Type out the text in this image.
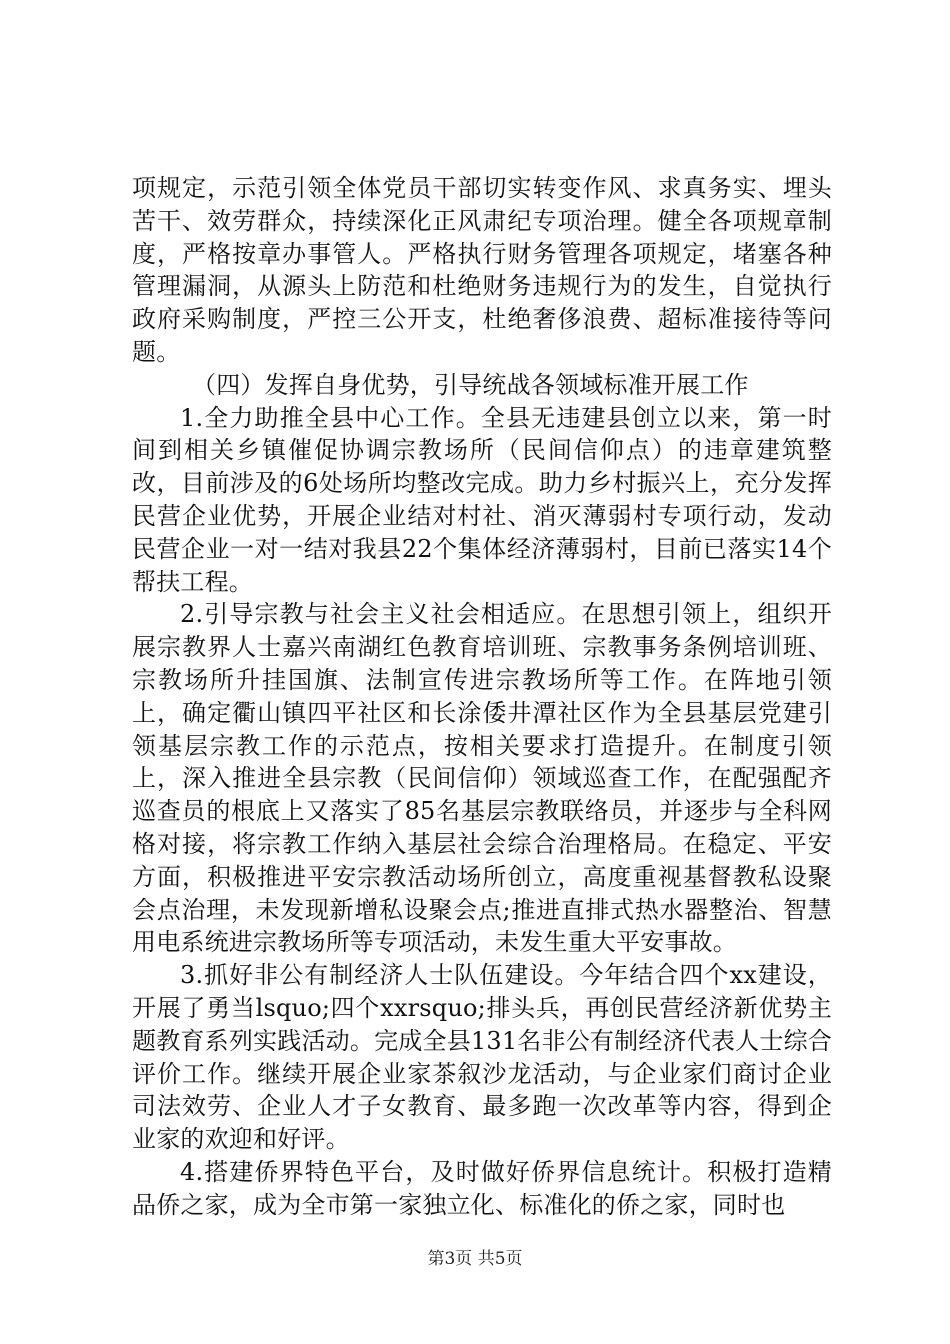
项规定，示范引领全体党员干部切实转变作风、求真务实、埋头苦干、效劳群众，持续深化正风肃纪专项治理。健全各项规章制度，严格按章办事管人。严格执行财务管理各项规定，堵塞各种管理漏洞，从源头上防范和杜绝财务违规行为的发生，自觉执行政府采购制度，严控三公开支，杜绝奢侈浪费、超标准接待等问题。

（四）发挥自身优势，引导统战各领域标准开展工作

1.全力助推全县中心工作。全县无违建县创立以来，第一时间到相关乡镇催促协调宗教场所（民间信仰点）的违章建筑整改，目前涉及的6处场所均整改完成。助力乡村振兴上，充分发挥民营企业优势，开展企业结对村社、消灭薄弱村专项行动，发动民营企业一对一结对我县22个集体经济薄弱村，目前已落实14个帮扶工程。

2.引导宗教与社会主义社会相适应。在思想引领上，组织开展宗教界人士嘉兴南湖红色教育培训班、宗教事务条例培训班、宗教场所升挂国旗、法制宣传进宗教场所等工作。在阵地引领上，确定衢山镇四平社区和长涂倭井潭社区作为全县基层党建引领基层宗教工作的示范点，按相关要求打造提升。在制度引领上，深入推进全县宗教（民间信仰）领域巡查工作，在配强配齐巡查员的根底上又落实了85名基层宗教联络员，并逐步与全科网格对接，将宗教工作纳入基层社会综合治理格局。在稳定、平安方面，积极推进平安宗教活动场所创立，高度重视基督教私设聚会点治理，未发现新增私设聚会点;推进直排式热水器整治、智慧用电系统进宗教场所等专项活动，未发生重大平安事故。

3.抓好非公有制经济人士队伍建设。今年结合四个xx建设，开展了勇当lsquo;四个xxrsquo;排头兵，再创民营经济新优势主题教育系列实践活动。完成全县131名非公有制经济代表人士综合评价工作。继续开展企业家茶叙沙龙活动，与企业家们商讨企业司法效劳、企业人才子女教育、最多跑一次改革等内容，得到企业家的欢迎和好评。

4.搭建侨界特色平台，及时做好侨界信息统计。积极打造精品侨之家，成为全市第一家独立化、标准化的侨之家，同时也

第3页 共5页
